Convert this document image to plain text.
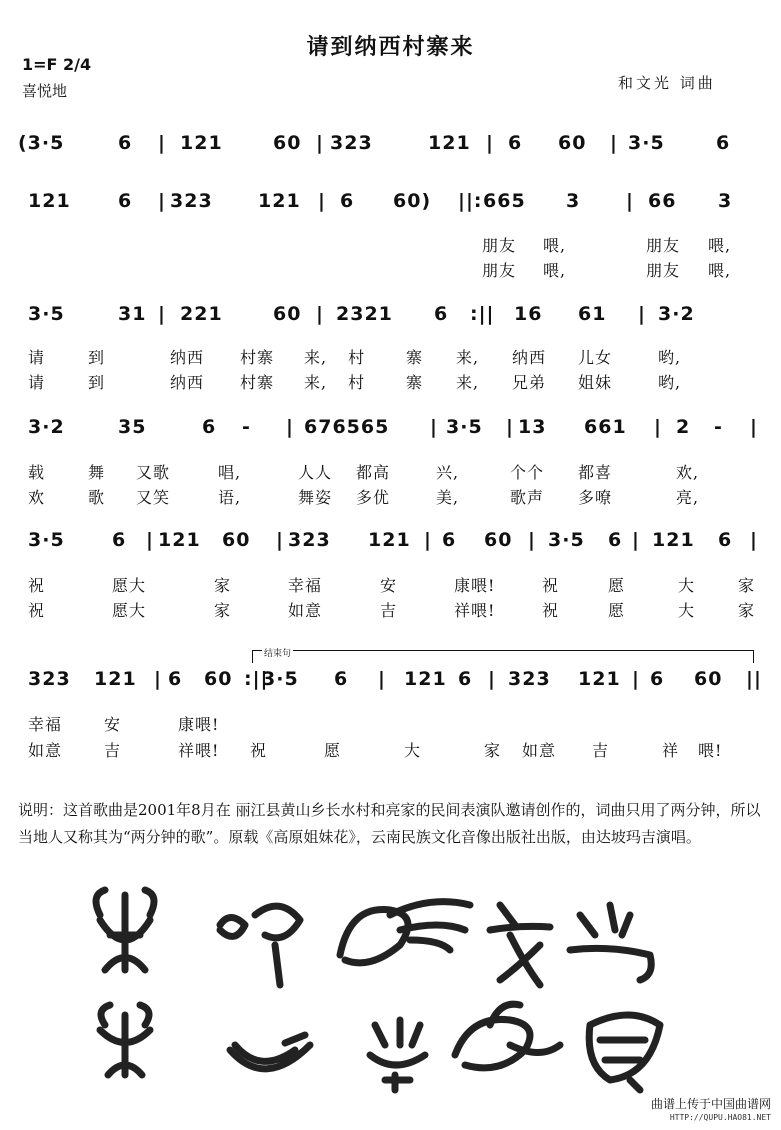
请到纳西村寨来
1=F 2/4
喜悦地	和文光 词曲
(3·5	6 | 121	60 | 323	121 | 6 60 | 3·5	6
121 6 | 323 121 | 6 60) ||: 665 3 | 66 3
朋友 喂,	朋友 喂,
朋友 喂,	朋友 喂,
3·5	31 | 221	60 | 2321 6 :|| 16 61 | 3·2
请	到	纳西 村寨 来, 村	寨 来, 纳西 儿女	哟,
请	到	纳西 村寨 来, 村	寨 来, 兄弟 姐妹	哟,
3·2	35	6 - | 676565 | 3·5 | 13 661 | 2 - |
载	舞 又歌	唱,	人人 都高	兴,	个个 都喜	欢,
欢	歌 又笑	语,	舞姿 多优	美,	歌声 多嘹	亮,
3·5 6 | 121 60 | 323 121 | 6 60 | 3·5 6 | 121 6 |
祝	愿大	家	幸福	安	康喂!	祝	愿	大	家
祝	愿大	家	如意	吉	祥喂!	祝	愿	大	家
结束句
323 121 | 6 60 :||
3·5 6 | 121 6 | 323 121 | 6 60 ||
幸福	安	康喂!
如意	吉	祥喂! 祝	愿	大	家 如意 吉	祥 喂!
说明：这首歌曲是2001年8月在 丽江县黄山乡长水村和亮家的民间表演队邀请创作的，词曲只用了两分钟，所以当地人又称其为“两分钟的歌”。原载《高原姐妹花》，云南民族文化音像出版社出版，由达坡玛吉演唱。
曲谱上传于中国曲谱网
HTTP://QUPU.HAO81.NET
